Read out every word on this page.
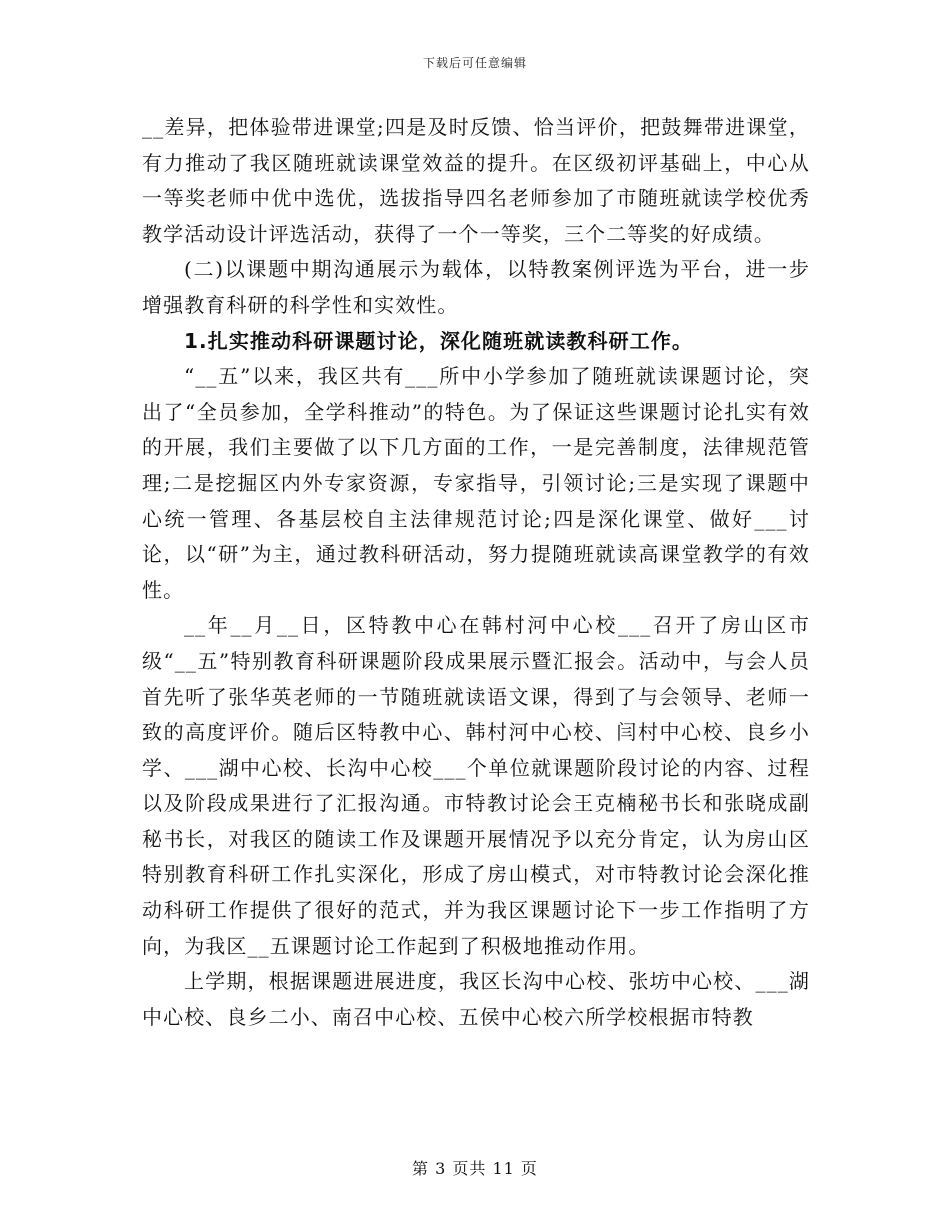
下载后可任意编辑

__差异，把体验带进课堂;四是及时反馈、恰当评价，把鼓舞带进课堂，有力推动了我区随班就读课堂效益的提升。在区级初评基础上，中心从一等奖老师中优中选优，选拔指导四名老师参加了市随班就读学校优秀教学活动设计评选活动，获得了一个一等奖，三个二等奖的好成绩。

(二)以课题中期沟通展示为载体，以特教案例评选为平台，进一步增强教育科研的科学性和实效性。

1.扎实推动科研课题讨论，深化随班就读教科研工作。

“__五”以来，我区共有___所中小学参加了随班就读课题讨论，突出了“全员参加，全学科推动”的特色。为了保证这些课题讨论扎实有效的开展，我们主要做了以下几方面的工作，一是完善制度，法律规范管理;二是挖掘区内外专家资源，专家指导，引领讨论;三是实现了课题中心统一管理、各基层校自主法律规范讨论;四是深化课堂、做好___讨论，以“研”为主，通过教科研活动，努力提随班就读高课堂教学的有效性。

__年__月__日，区特教中心在韩村河中心校___召开了房山区市级“__五”特别教育科研课题阶段成果展示暨汇报会。活动中，与会人员首先听了张华英老师的一节随班就读语文课，得到了与会领导、老师一致的高度评价。随后区特教中心、韩村河中心校、闫村中心校、良乡小学、___湖中心校、长沟中心校___个单位就课题阶段讨论的内容、过程以及阶段成果进行了汇报沟通。市特教讨论会王克楠秘书长和张晓成副秘书长，对我区的随读工作及课题开展情况予以充分肯定，认为房山区特别教育科研工作扎实深化，形成了房山模式，对市特教讨论会深化推动科研工作提供了很好的范式，并为我区课题讨论下一步工作指明了方向，为我区__五课题讨论工作起到了积极地推动作用。

上学期，根据课题进展进度，我区长沟中心校、张坊中心校、___湖中心校、良乡二小、南召中心校、五侯中心校六所学校根据市特教

第 3 页共 11 页
